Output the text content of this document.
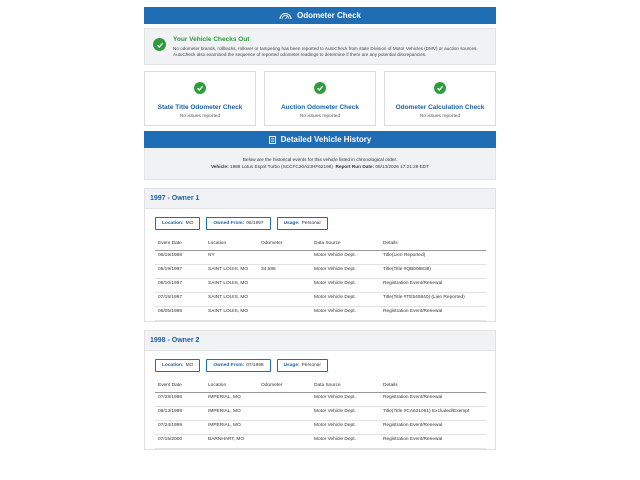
Odometer Check
Your Vehicle Checks Out
No odometer brands, rollbacks, rollover or tampering has been reported to AutoCheck from state Division of Motor Vehicles (DMV) or auction sources. AutoCheck also examined the sequence of reported odometer readings to determine if there are any potential discrepancies.
State Title Odometer Check
No issues reported
Auction Odometer Check
No issues reported
Odometer Calculation Check
No issues reported
Detailed Vehicle History
Below are the historical events for this vehicle listed in chronological order.
Vehicle: 1988 Lotus Esprit Turbo (SCCFC20A2JHF62198) Report Run Date: 08/13/2026 17:21:29 EDT
1997 - Owner 1
Location: MO	Owned From: 06/1997	Usage: Personal
Event Date	Location	Odometer	Data Source	Details
06/19/1988	NY		Motor Vehicle Dept.	Title(Lien Reported)
05/19/1997	SAINT LOUIS, MO	34,586	Motor Vehicle Dept.	Title(Title #QB006838)
06/10/1997	SAINT LOUIS, MO		Motor Vehicle Dept.	Registration Event/Renewal
07/15/1997	SAINT LOUIS, MO		Motor Vehicle Dept.	Title(Title #TE545840) (Lien Reported)
05/05/1998	SAINT LOUIS, MO		Motor Vehicle Dept.	Registration Event/Renewal
1998 - Owner 2
Location: MO	Owned From: 07/1998	Usage: Personal
Event Date	Location	Odometer	Data Source	Details
07/28/1998	IMPERIAL, MO		Motor Vehicle Dept.	Registration Event/Renewal
08/13/1998	IMPERIAL, MO		Motor Vehicle Dept.	Title(Title #CA631051) Excluded/Exempt
07/24/1999	IMPERIAL, MO		Motor Vehicle Dept.	Registration Event/Renewal
07/15/2000	BARNHART, MO		Motor Vehicle Dept.	Registration Event/Renewal
